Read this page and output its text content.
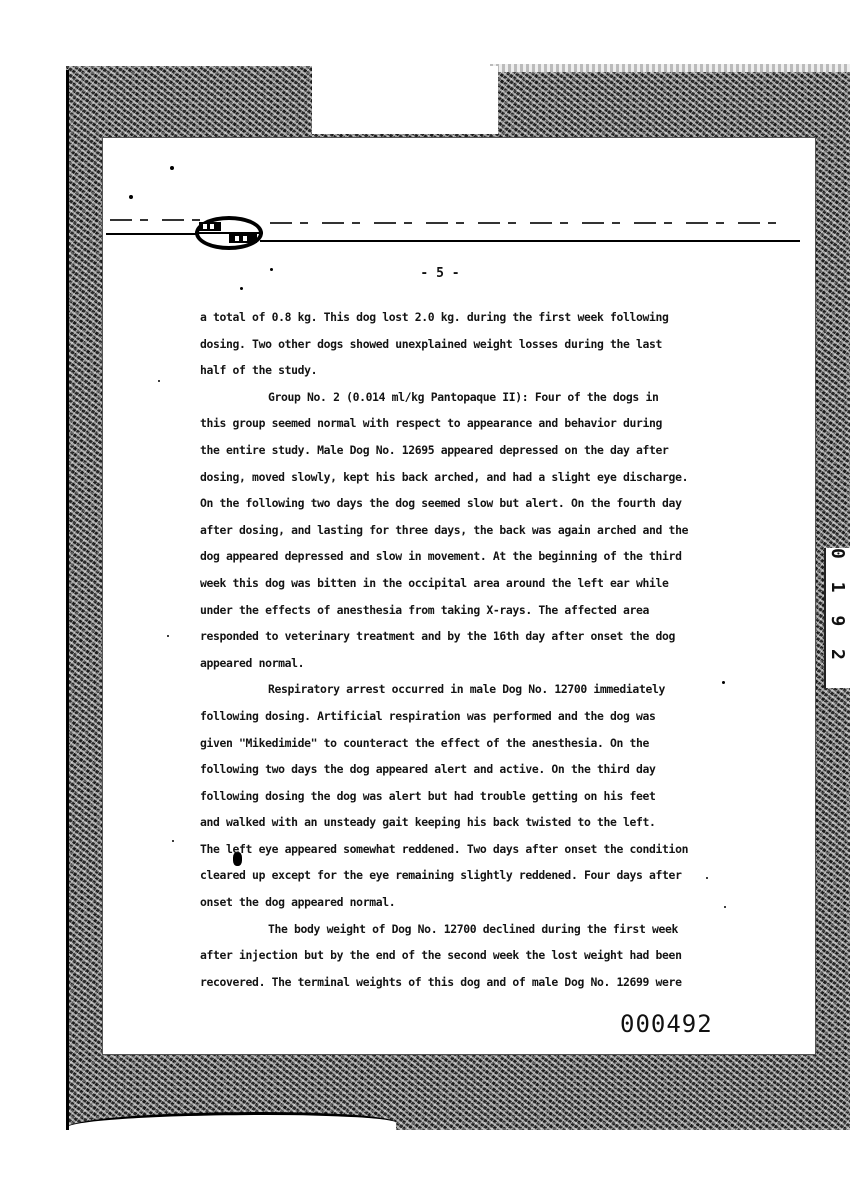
- 5 -
a total of 0.8 kg. This dog lost 2.0 kg. during the first week following
dosing. Two other dogs showed unexplained weight losses during the last
half of the study.
Group No. 2 (0.014 ml/kg Pantopaque II): Four of the dogs in
this group seemed normal with respect to appearance and behavior during
the entire study. Male Dog No. 12695 appeared depressed on the day after
dosing, moved slowly, kept his back arched, and had a slight eye discharge.
On the following two days the dog seemed slow but alert. On the fourth day
after dosing, and lasting for three days, the back was again arched and the
dog appeared depressed and slow in movement. At the beginning of the third
week this dog was bitten in the occipital area around the left ear while
under the effects of anesthesia from taking X-rays. The affected area
responded to veterinary treatment and by the 16th day after onset the dog
appeared normal.
Respiratory arrest occurred in male Dog No. 12700 immediately
following dosing. Artificial respiration was performed and the dog was
given "Mikedimide" to counteract the effect of the anesthesia. On the
following two days the dog appeared alert and active. On the third day
following dosing the dog was alert but had trouble getting on his feet
and walked with an unsteady gait keeping his back twisted to the left.
The left eye appeared somewhat reddened. Two days after onset the condition
cleared up except for the eye remaining slightly reddened. Four days after
onset the dog appeared normal.
The body weight of Dog No. 12700 declined during the first week
after injection but by the end of the second week the lost weight had been
recovered. The terminal weights of this dog and of male Dog No. 12699 were
000492
0 1 9 2
